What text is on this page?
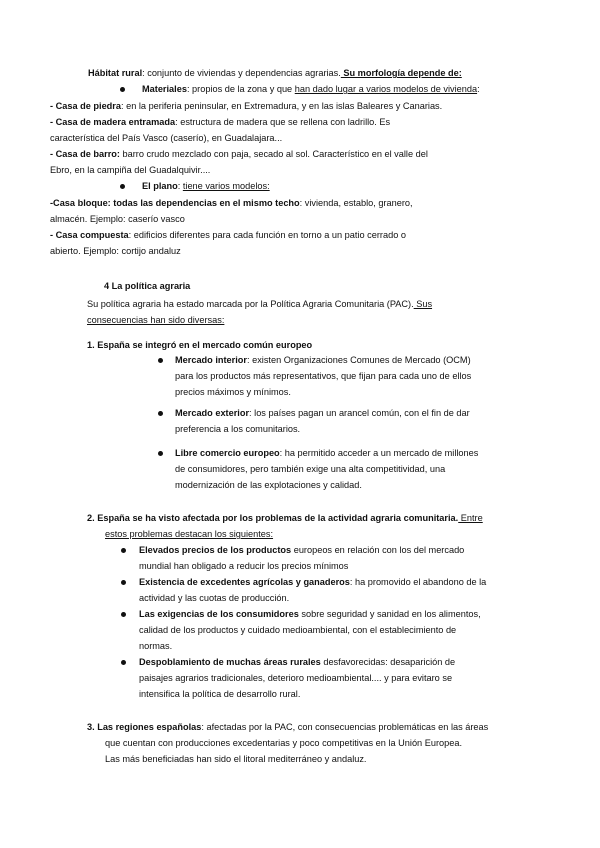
Hábitat rural: conjunto de viviendas y dependencias agrarias. Su morfología depende de:
Materiales: propios de la zona y que han dado lugar a varios modelos de vivienda:
- Casa de piedra: en la periferia peninsular, en Extremadura, y en las islas Baleares y Canarias.
- Casa de madera entramada: estructura de madera que se rellena con ladrillo. Es
característica del País Vasco (caserío), en Guadalajara...
- Casa de barro: barro crudo mezclado con paja, secado al sol. Característico en el valle del
Ebro, en la campiña del Guadalquivir....
El plano: tiene varios modelos:
-Casa bloque: todas las dependencias en el mismo techo: vivienda, establo, granero,
almacén. Ejemplo: caserío vasco
- Casa compuesta: edificios diferentes para cada función en torno a un patio cerrado o
abierto. Ejemplo: cortijo andaluz
4 La política agraria
Su política agraria ha estado marcada por la Política Agraria Comunitaria (PAC). Sus
consecuencias han sido diversas:
1. España se integró en el mercado común europeo
Mercado interior: existen Organizaciones Comunes de Mercado (OCM)
para los productos más representativos, que fijan para cada uno de ellos
precios máximos y mínimos.
Mercado exterior: los países pagan un arancel común, con el fin de dar
preferencia a los comunitarios.
Libre comercio europeo: ha permitido acceder a un mercado de millones
de consumidores, pero también exige una alta competitividad, una
modernización de las explotaciones y calidad.
2. España se ha visto afectada por los problemas de la actividad agraria comunitaria. Entre
estos problemas destacan los siguientes:
Elevados precios de los productos europeos en relación con los del mercado
mundial han obligado a reducir los precios mínimos
Existencia de excedentes agrícolas y ganaderos: ha promovido el abandono de la
actividad y las cuotas de producción.
Las exigencias de los consumidores sobre seguridad y sanidad en los alimentos,
calidad de los productos y cuidado medioambiental, con el establecimiento de
normas.
Despoblamiento de muchas áreas rurales desfavorecidas: desaparición de
paisajes agrarios tradicionales, deterioro medioambiental.... y para evitaro se
intensifica la política de desarrollo rural.
3. Las regiones españolas: afectadas por la PAC, con consecuencias problemáticas en las áreas
que cuentan con producciones excedentarias y poco competitivas en la Unión Europea.
Las más beneficiadas han sido el litoral mediterráneo y andaluz.
